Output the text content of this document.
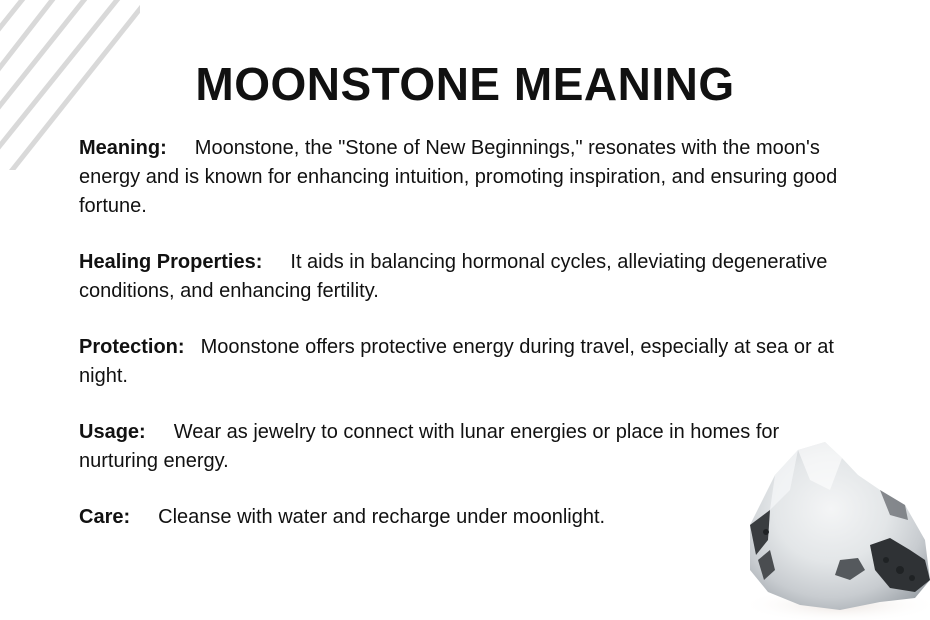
MOONSTONE MEANING

Meaning: Moonstone, the "Stone of New Beginnings," resonates with the moon's energy and is known for enhancing intuition, promoting inspiration, and ensuring good fortune.

Healing Properties: It aids in balancing hormonal cycles, alleviating degenerative conditions, and enhancing fertility.

Protection: Moonstone offers protective energy during travel, especially at sea or at night.

Usage: Wear as jewelry to connect with lunar energies or place in homes for nurturing energy.

Care: Cleanse with water and recharge under moonlight.
